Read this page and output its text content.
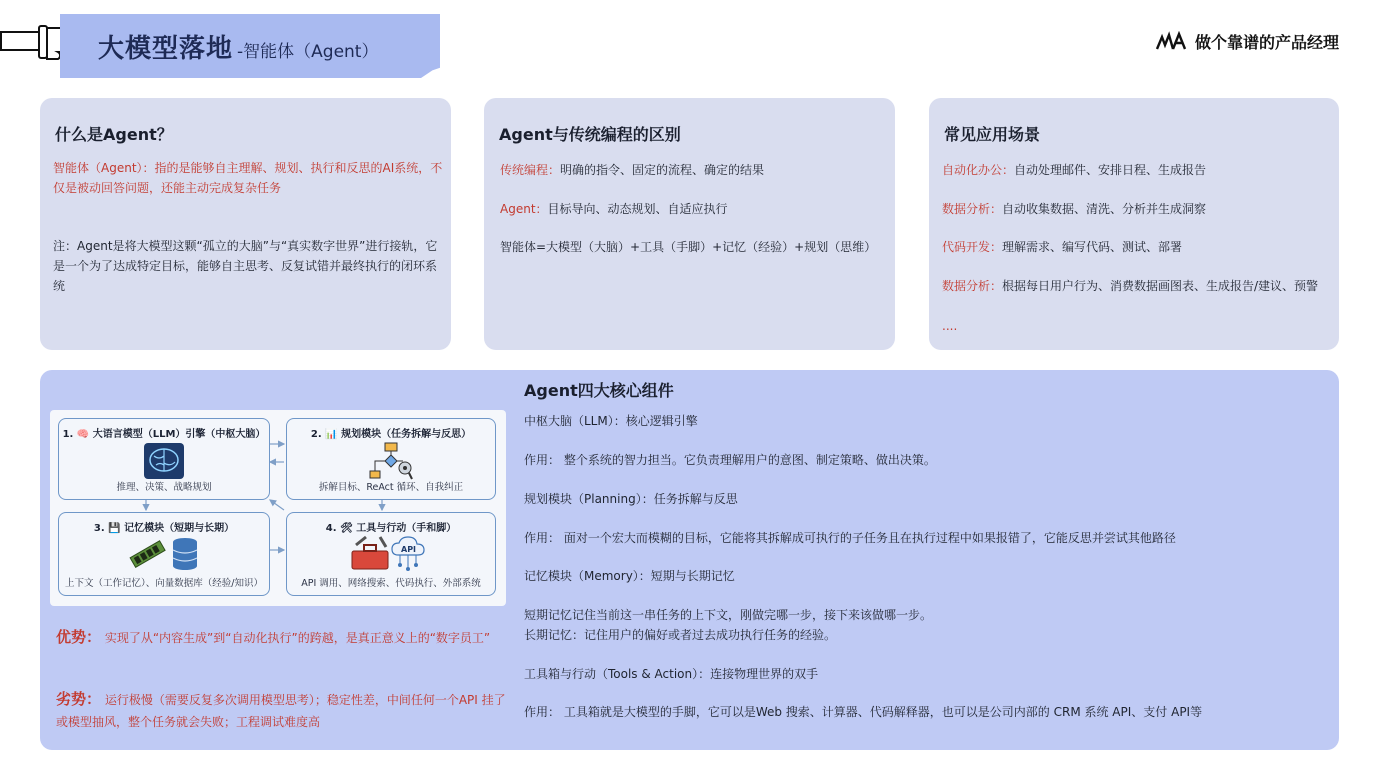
大模型落地 -智能体（Agent）	做个靠谱的产品经理
什么是Agent？
智能体（Agent）：指的是能够自主理解、规划、执行和反思的AI系统，不仅是被动回答问题，还能主动完成复杂任务
注：Agent是将大模型这颗“孤立的大脑”与“真实数字世界”进行接轨，它是一个为了达成特定目标，能够自主思考、反复试错并最终执行的闭环系统
Agent与传统编程的区别
传统编程：明确的指令、固定的流程、确定的结果
Agent：目标导向、动态规划、自适应执行
智能体=大模型（大脑）+工具（手脚）+记忆（经验）+规划（思维）
常见应用场景
自动化办公：自动处理邮件、安排日程、生成报告
数据分析：自动收集数据、清洗、分析并生成洞察
代码开发：理解需求、编写代码、测试、部署
数据分析：根据每日用户行为、消费数据画图表、生成报告/建议、预警
....
1. 🧠 大语言模型（LLM）引擎（中枢大脑）
推理、决策、战略规划
2. 📊 规划模块（任务拆解与反思）
拆解目标、ReAct 循环、自我纠正
3. 💾 记忆模块（短期与长期）
上下文（工作记忆）、向量数据库（经验/知识）
4. 🛠 工具与行动（手和脚）
API
API 调用、网络搜索、代码执行、外部系统
优势： 实现了从“内容生成”到“自动化执行”的跨越，是真正意义上的“数字员工”
劣势： 运行极慢（需要反复多次调用模型思考）；稳定性差，中间任何一个API 挂了或模型抽风，整个任务就会失败；工程调试难度高
Agent四大核心组件
中枢大脑（LLM）：核心逻辑引擎
作用： 整个系统的智力担当。它负责理解用户的意图、制定策略、做出决策。
规划模块（Planning）：任务拆解与反思
作用： 面对一个宏大而模糊的目标，它能将其拆解成可执行的子任务且在执行过程中如果报错了，它能反思并尝试其他路径
记忆模块（Memory）：短期与长期记忆
短期记忆记住当前这一串任务的上下文，刚做完哪一步，接下来该做哪一步。
长期记忆：记住用户的偏好或者过去成功执行任务的经验。
工具箱与行动（Tools & Action）：连接物理世界的双手
作用： 工具箱就是大模型的手脚，它可以是Web 搜索、计算器、代码解释器，也可以是公司内部的 CRM 系统 API、支付 API等
